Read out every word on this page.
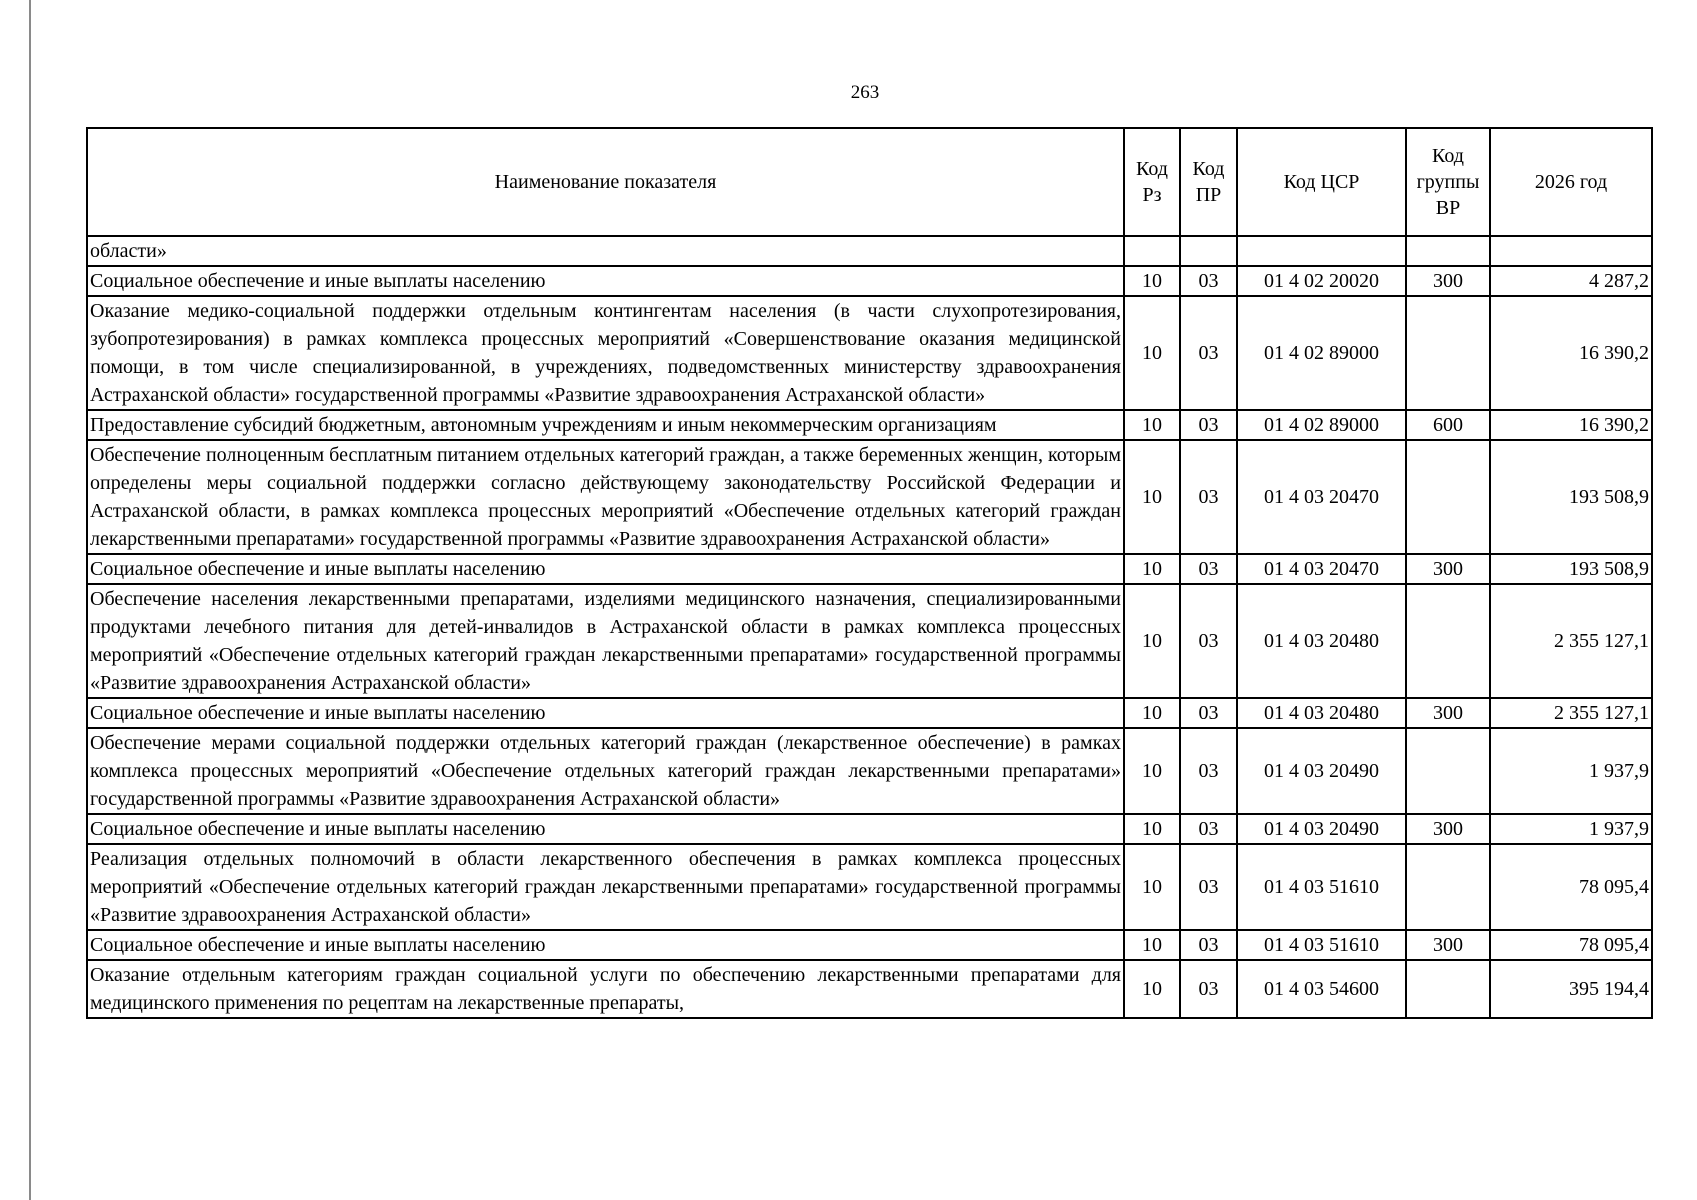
263
Наименование показателя	Код Рз	Код ПР	Код ЦСР	Код группы ВР	2026 год
области»					
Социальное обеспечение и иные выплаты населению	10	03	01 4 02 20020	300	4 287,2
Оказание медико-социальной поддержки отдельным контингентам населения (в части слухопротезирования, зубопротезирования) в рамках комплекса процессных мероприятий «Совершенствование оказания медицинской помощи, в том числе специализированной, в учреждениях, подведомственных министерству здравоохранения Астраханской области» государственной программы «Развитие здравоохранения Астраханской области»	10	03	01 4 02 89000		16 390,2
Предоставление субсидий бюджетным, автономным учреждениям и иным некоммерческим организациям	10	03	01 4 02 89000	600	16 390,2
Обеспечение полноценным бесплатным питанием отдельных категорий граждан, а также беременных женщин, которым определены меры социальной поддержки согласно действующему законодательству Российской Федерации и Астраханской области, в рамках комплекса процессных мероприятий «Обеспечение отдельных категорий граждан лекарственными препаратами» государственной программы «Развитие здравоохранения Астраханской области»	10	03	01 4 03 20470		193 508,9
Социальное обеспечение и иные выплаты населению	10	03	01 4 03 20470	300	193 508,9
Обеспечение населения лекарственными препаратами, изделиями медицинского назначения, специализированными продуктами лечебного питания для детей-инвалидов в Астраханской области в рамках комплекса процессных мероприятий «Обеспечение отдельных категорий граждан лекарственными препаратами» государственной программы «Развитие здравоохранения Астраханской области»	10	03	01 4 03 20480		2 355 127,1
Социальное обеспечение и иные выплаты населению	10	03	01 4 03 20480	300	2 355 127,1
Обеспечение мерами социальной поддержки отдельных категорий граждан (лекарственное обеспечение) в рамках комплекса процессных мероприятий «Обеспечение отдельных категорий граждан лекарственными препаратами» государственной программы «Развитие здравоохранения Астраханской области»	10	03	01 4 03 20490		1 937,9
Социальное обеспечение и иные выплаты населению	10	03	01 4 03 20490	300	1 937,9
Реализация отдельных полномочий в области лекарственного обеспечения в рамках комплекса процессных мероприятий «Обеспечение отдельных категорий граждан лекарственными препаратами» государственной программы «Развитие здравоохранения Астраханской области»	10	03	01 4 03 51610		78 095,4
Социальное обеспечение и иные выплаты населению	10	03	01 4 03 51610	300	78 095,4
Оказание отдельным категориям граждан социальной услуги по обеспечению лекарственными препаратами для медицинского применения по рецептам на лекарственные препараты,	10	03	01 4 03 54600		395 194,4
